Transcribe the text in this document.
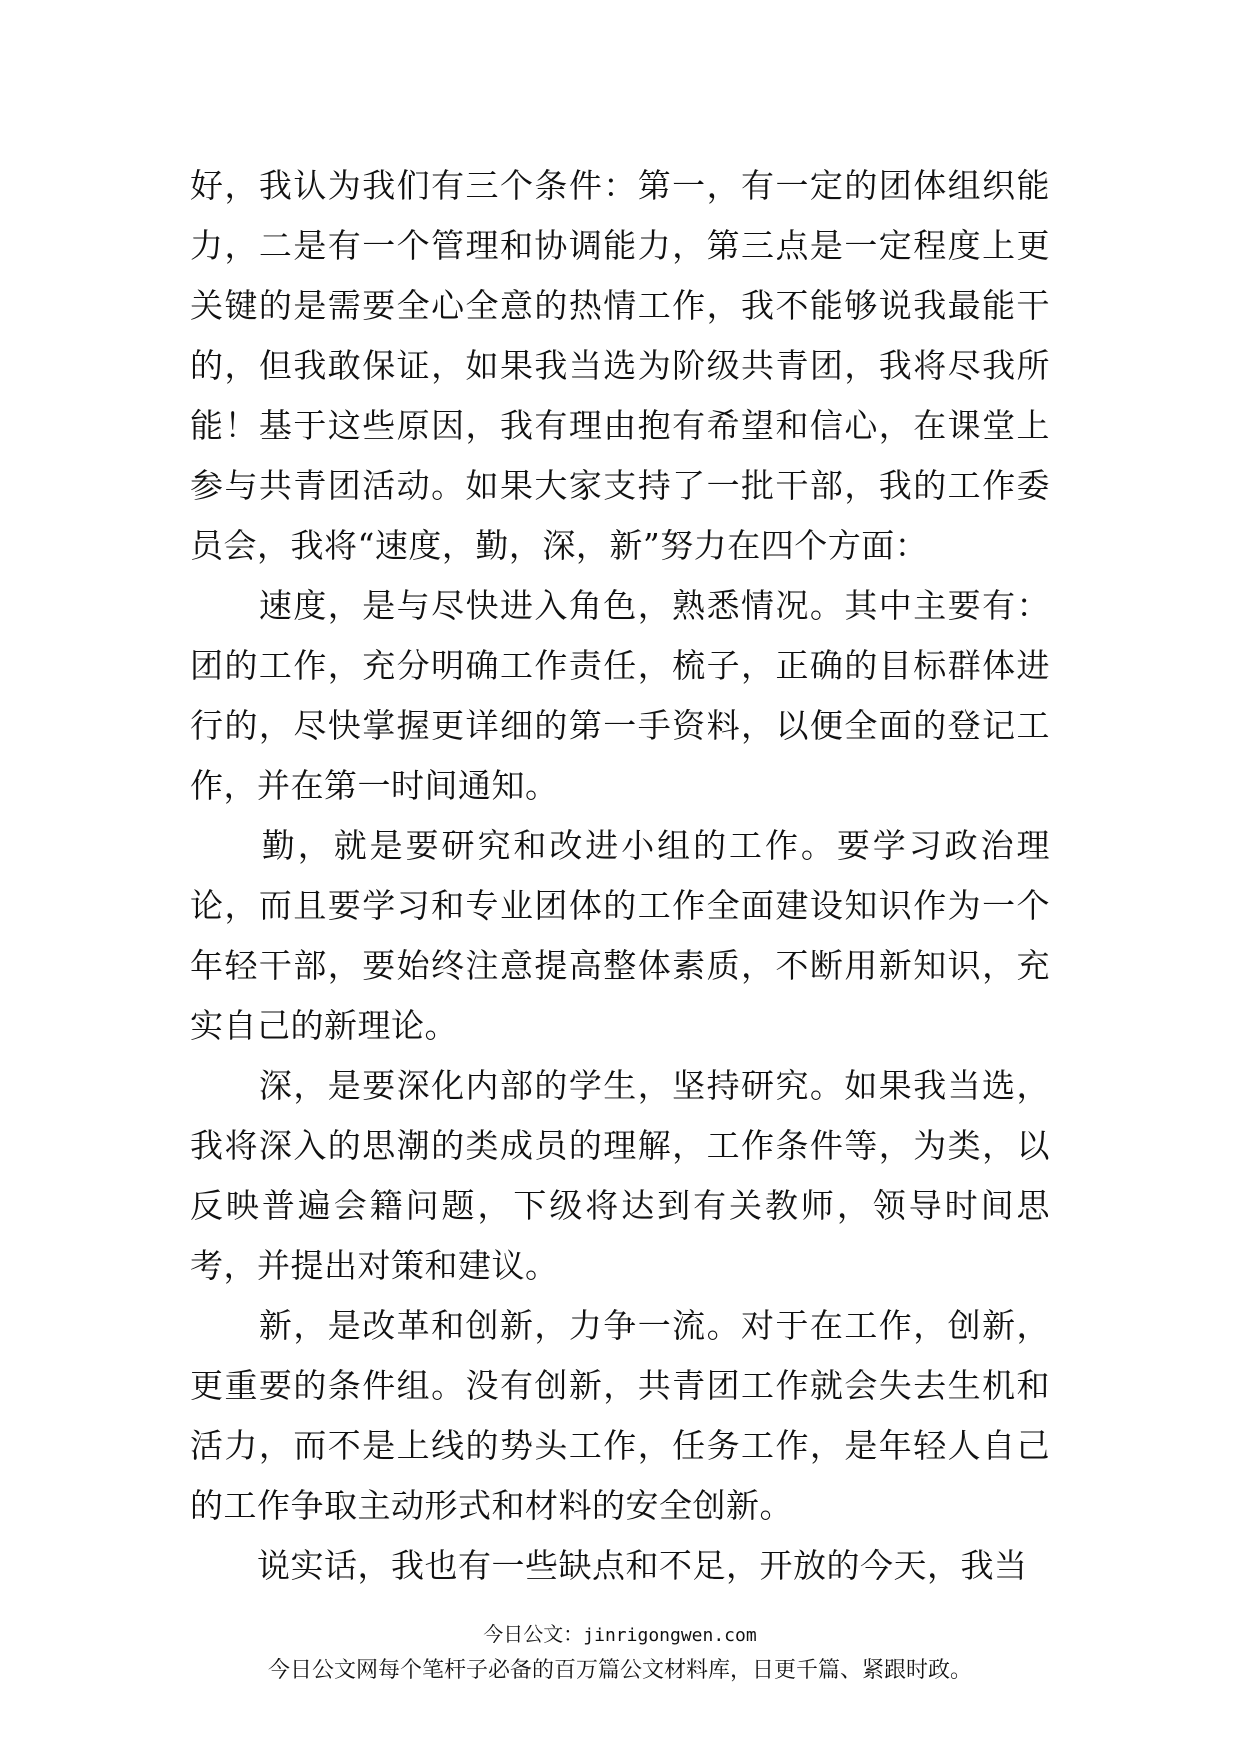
好，我认为我们有三个条件：第一，有一定的团体组织能
力，二是有一个管理和协调能力，第三点是一定程度上更
关键的是需要全心全意的热情工作，我不能够说我最能干
的，但我敢保证，如果我当选为阶级共青团，我将尽我所
能！基于这些原因，我有理由抱有希望和信心，在课堂上
参与共青团活动。如果大家支持了一批干部，我的工作委
员会，我将“速度，勤，深，新”努力在四个方面：
　　速度，是与尽快进入角色，熟悉情况。其中主要有：
团的工作，充分明确工作责任，梳子，正确的目标群体进
行的，尽快掌握更详细的第一手资料，以便全面的登记工
作，并在第一时间通知。
　　勤，就是要研究和改进小组的工作。要学习政治理
论，而且要学习和专业团体的工作全面建设知识作为一个
年轻干部，要始终注意提高整体素质，不断用新知识，充
实自己的新理论。
　　深，是要深化内部的学生，坚持研究。如果我当选，
我将深入的思潮的类成员的理解，工作条件等，为类，以
反映普遍会籍问题，下级将达到有关教师，领导时间思
考，并提出对策和建议。
　　新，是改革和创新，力争一流。对于在工作，创新，
更重要的条件组。没有创新，共青团工作就会失去生机和
活力，而不是上线的势头工作，任务工作，是年轻人自己
的工作争取主动形式和材料的安全创新。
　　说实话，我也有一些缺点和不足，开放的今天，我当
今日公文：jinrigongwen.com
今日公文网每个笔杆子必备的百万篇公文材料库，日更千篇、紧跟时政。
